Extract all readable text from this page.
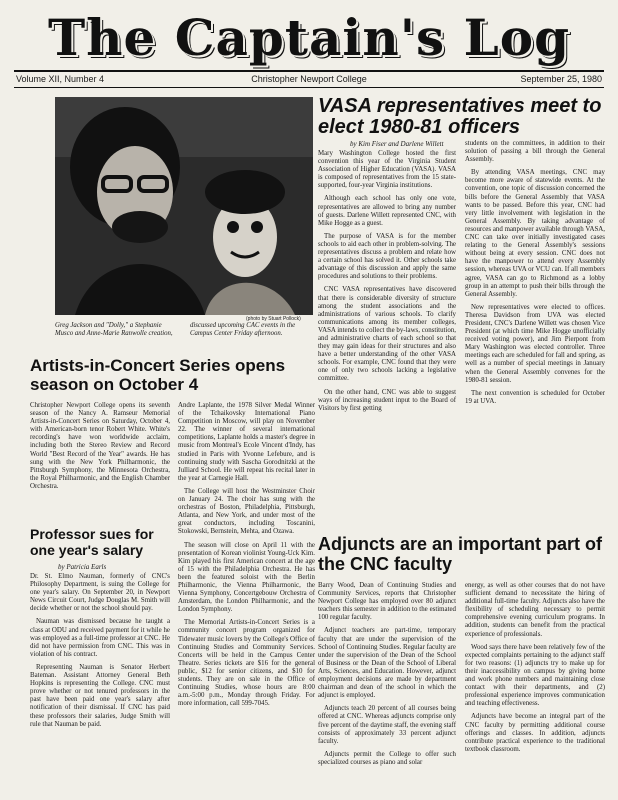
The Captain's Log
Volume XII, Number 4	Christopher Newport College	September 25, 1980
(photo by Stuart Pollock)
Greg Jackson and "Dolly," a Stephanie Musco and Anne-Marie Ranwolle creation,
discussed upcoming CAC events in the Campus Center Friday afternoon.
VASA representatives meet to elect 1980-81 officers
by Kim Fiser and Darlene Willett

Mary Washington College hosted the first convention this year of the Virginia Student Association of Higher Education (VASA). VASA is composed of representatives from the 15 state-supported, four-year Virginia institutions.

Although each school has only one vote, representatives are allowed to bring any number of guests. Darlene Willett represented CNC, with Mike Hogge as a guest.

The purpose of VASA is for the member schools to aid each other in problem-solving. The representatives discuss a problem and relate how a certain school has solved it. Other schools take advantage of this discussion and apply the same procedures and solutions to their problems.

CNC VASA representatives have discovered that there is considerable diversity of structure among the student associations and the administrations of various schools. To clarify communications among its member colleges, VASA intends to collect the by-laws, constitution, and administrative charts of each school so that they may gain ideas for their structures and also have a better understanding of the other VASA schools. For example, CNC found that they were one of only two schools lacking a legislative committee.

On the other hand, CNC was able to suggest ways of increasing student input to the Board of Visitors by first getting

students on the committees, in addition to their solution of passing a bill through the General Assembly.

By attending VASA meetings, CNC may become more aware of statewide events. At the convention, one topic of discussion concerned the bills before the General Assembly that VASA wants to be passed. Before this year, CNC had very little involvement with legislation in the General Assembly. By taking advantage of resources and manpower available through VASA, CNC can take over initially investigated cases relating to the General Assembly's sessions without being at every session. CNC does not have the manpower to attend every Assembly session, whereas UVA or VCU can. If all members agree, VASA can go to Richmond as a lobby group in an attempt to push their bills through the General Assembly.

New representatives were elected to offices. Theresa Davidson from UVA was elected President, CNC's Darlene Willett was chosen Vice President (at which time Mike Hogge unofficially received voting power), and Jim Pierpont from Mary Washington was elected controller. Three meetings each are scheduled for fall and spring, as well as a number of special meetings in January when the General Assembly convenes for the 1980-81 session.

The next convention is scheduled for October 19 at UVA.

Artists-in-Concert Series opens season on October 4

Christopher Newport College opens its seventh season of the Nancy A. Ramseur Memorial Artists-in-Concert Series on Saturday, October 4, with American-born tenor Robert White. White's recording's have won worldwide acclaim, including both the Stereo Review and Record World "Best Record of the Year" awards. He has sung with the New York Philharmonic, the Pittsburgh Symphony, the Minnesota Orchestra, the Royal Philharmonic, and the English Chamber Orchestra.

Andre Laplante, the 1978 Silver Medal Winner of the Tchaikovsky International Piano Competition in Moscow, will play on November 22. The winner of several international competitions, Laplante holds a master's degree in music from Montreal's Ecole Vincent d'Indy, has studied in Paris with Yvonne Lefebure, and is continuing study with Sascha Gorodnitzki at the Julliard School. He will repeat his recital later in the year at Carnegie Hall.

The College will host the Westminster Choir on January 24. The choir has sung with the orchestras of Boston, Philadelphia, Pittsburgh, Atlanta, and New York, and under most of the great conductors, including Toscanini, Stokowski, Bernstein, Mehta, and Ozawa.

The season will close on April 11 with the presentation of Korean violinist Young-Uck Kim. Kim played his first American concert at the age of 15 with the Philadelphia Orchestra. He has been the featured soloist with the Berlin Philharmonic, the Vienna Philharmonic, the Vienna Symphony, Concertgebouw Orchestra of Amsterdam, the London Philharmonic, and the London Symphony.

The Memorial Artists-in-Concert Series is a community concert program organized for Tidewater music lovers by the College's Office of Continuing Studies and Community Services. Concerts will be held in the Campus Center Theatre. Series tickets are $16 for the general public, $12 for senior citizens, and $10 for students. They are on sale in the Office of Continuing Studies, whose hours are 8:00 a.m.-5:00 p.m., Monday through Friday. For more information, call 599-7045.

Professor sues for one year's salary
by Patricia Earls

Dr. St. Elmo Nauman, formerly of CNC's Philosophy Department, is suing the College for one year's salary. On September 20, in Newport News Circuit Court, Judge Douglas M. Smith will decide whether or not the school should pay.

Nauman was dismissed because he taught a class at ODU and received payment for it while he was employed as a full-time professor at CNC. He did not have permission from CNC. This was in violation of his contract.

Representing Nauman is Senator Herbert Bateman. Assistant Attorney General Beth Hopkins is representing the College. CNC must prove whether or not tenured professors in the past have been paid one year's salary after notification of their dismissal. If CNC has paid these professors their salaries, Judge Smith will rule that Nauman be paid.

Adjuncts are an important part of the CNC faculty

Barry Wood, Dean of Continuing Studies and Community Services, reports that Christopher Newport College has employed over 80 adjunct teachers this semester in addition to the estimated 100 regular faculty.

Adjunct teachers are part-time, temporary faculty that are under the supervision of the School of Continuing Studies. Regular faculty are under the supervision of the Dean of the School of Business or the Dean of the School of Liberal Arts, Sciences, and Education. However, adjunct employment decisions are made by department chairman and dean of the school in which the adjunct is employed.

Adjuncts teach 20 percent of all courses being offered at CNC. Whereas adjuncts comprise only five percent of the daytime staff, the evening staff consists of approximately 33 percent adjunct faculty.

Adjuncts permit the College to offer such specialized courses as piano and solar

energy, as well as other courses that do not have sufficient demand to necessitate the hiring of additional full-time faculty. Adjuncts also have the flexibility of scheduling necessary to permit comprehensive evening curriculum programs. In addition, students can benefit from the practical experience of professionals.

Wood says there have been relatively few of the expected complaints pertaining to the adjunct staff for two reasons: (1) adjuncts try to make up for their inaccessibility on campus by giving home and work phone numbers and maintaining close contact with their departments, and (2) professional experience improves communication and teaching effectiveness.

Adjuncts have become an integral part of the CNC faculty by permitting additional course offerings and classes. In addition, adjuncts contribute practical experience to the traditional textbook classroom.
